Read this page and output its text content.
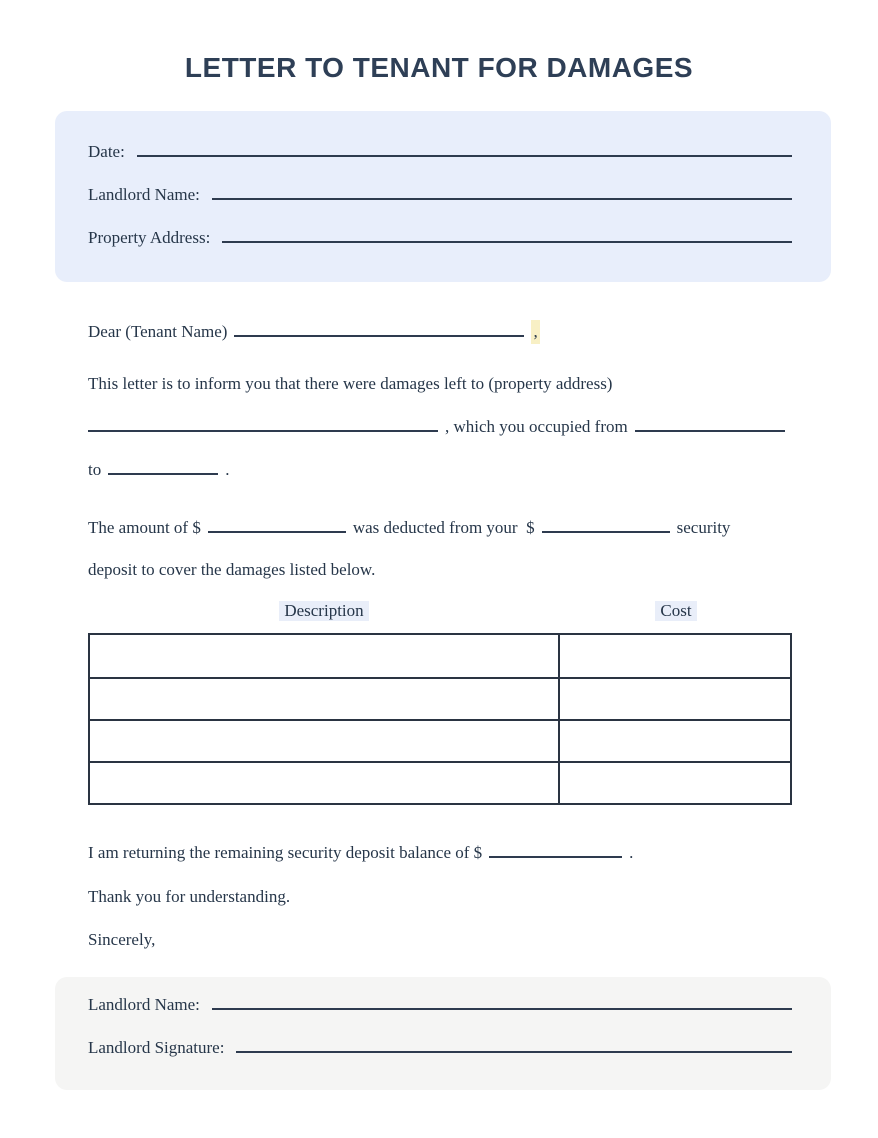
LETTER TO TENANT FOR DAMAGES
Date:
Landlord Name:
Property Address:
Dear (Tenant Name)	,
This letter is to inform you that there were damages left to (property address)
, which you occupied from
to	.
The amount of $	was deducted from your  $	security
deposit to cover the damages listed below.
Description	Cost
I am returning the remaining security deposit balance of $	.
Thank you for understanding.
Sincerely,
Landlord Name:
Landlord Signature:
